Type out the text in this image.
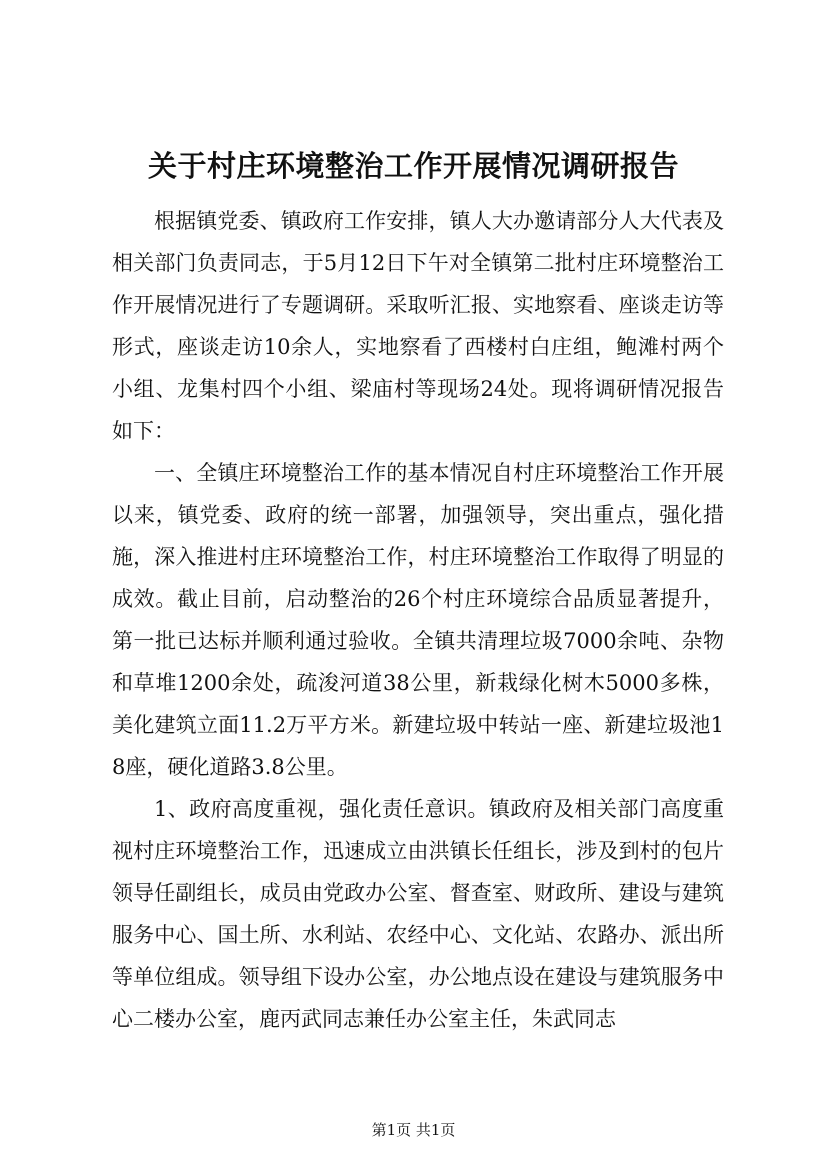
关于村庄环境整治工作开展情况调研报告

根据镇党委、镇政府工作安排，镇人大办邀请部分人大代表及相关部门负责同志，于5月12日下午对全镇第二批村庄环境整治工作开展情况进行了专题调研。采取听汇报、实地察看、座谈走访等形式，座谈走访10余人，实地察看了西楼村白庄组，鲍滩村两个小组、龙集村四个小组、梁庙村等现场24处。现将调研情况报告如下：

一、全镇庄环境整治工作的基本情况自村庄环境整治工作开展以来，镇党委、政府的统一部署，加强领导，突出重点，强化措施，深入推进村庄环境整治工作，村庄环境整治工作取得了明显的成效。截止目前，启动整治的26个村庄环境综合品质显著提升，第一批已达标并顺利通过验收。全镇共清理垃圾7000余吨、杂物和草堆1200余处，疏浚河道38公里，新栽绿化树木5000多株，美化建筑立面11.2万平方米。新建垃圾中转站一座、新建垃圾池18座，硬化道路3.8公里。

1、政府高度重视，强化责任意识。镇政府及相关部门高度重视村庄环境整治工作，迅速成立由洪镇长任组长，涉及到村的包片领导任副组长，成员由党政办公室、督查室、财政所、建设与建筑服务中心、国土所、水利站、农经中心、文化站、农路办、派出所等单位组成。领导组下设办公室，办公地点设在建设与建筑服务中心二楼办公室，鹿丙武同志兼任办公室主任，朱武同志

第1页 共1页
